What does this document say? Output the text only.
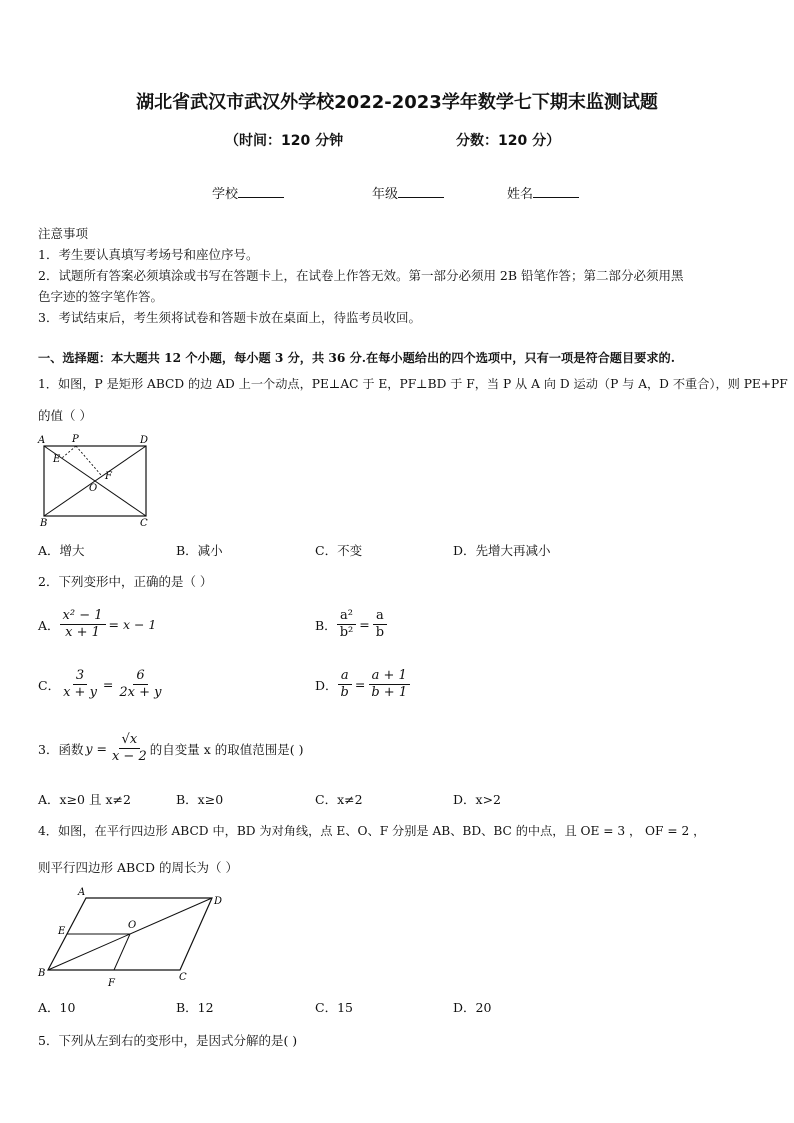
湖北省武汉市武汉外学校2022-2023学年数学七下期末监测试题
（时间：120 分钟	分数：120 分）
学校	年级	姓名
注意事项
1．考生要认真填写考场号和座位序号。
2．试题所有答案必须填涂或书写在答题卡上，在试卷上作答无效。第一部分必须用 2B 铅笔作答；第二部分必须用黑
色字迹的签字笔作答。
3．考试结束后，考生须将试卷和答题卡放在桌面上，待监考员收回。
一、选择题：本大题共 12 个小题，每小题 3 分，共 36 分.在每小题给出的四个选项中，只有一项是符合题目要求的.
1．如图，P 是矩形 ABCD 的边 AD 上一个动点，PE⊥AC 于 E，PF⊥BD 于 F，当 P 从 A 向 D 运动（P 与 A，D 不重合），则 PE+PF
的值（ ）
A	P	D
E
O
F
B	C
A．增大	B．减小	C．不变	D．先增大再减小
2．下列变形中，正确的是（ ）
A． $\frac{\text{x² − 1}}{x + 1} = x - 1$	B． $\frac{\text{a²}}{\text{b²}} = \frac{a}{b}$
C． $\frac{3}{x + y} = \frac{6}{2x + y}$	D． $\frac{a}{b} = \frac{a + 1}{b + 1}$
3．函数 $y = \frac{√x}{x - 2}$ 的自变量 x 的取值范围是( )
A．x≥0 且 x≠2	B．x≥0	C．x≠2	D．x>2
4．如图，在平行四边形 ABCD 中，BD 为对角线，点 E、O、F 分别是 AB、BD、BC 的中点，且 OE = 3 ， OF = 2 ，
则平行四边形 ABCD 的周长为（ ）
A
D
E
O
B
F
C
A．10	B．12	C．15	D．20
5．下列从左到右的变形中，是因式分解的是( )
